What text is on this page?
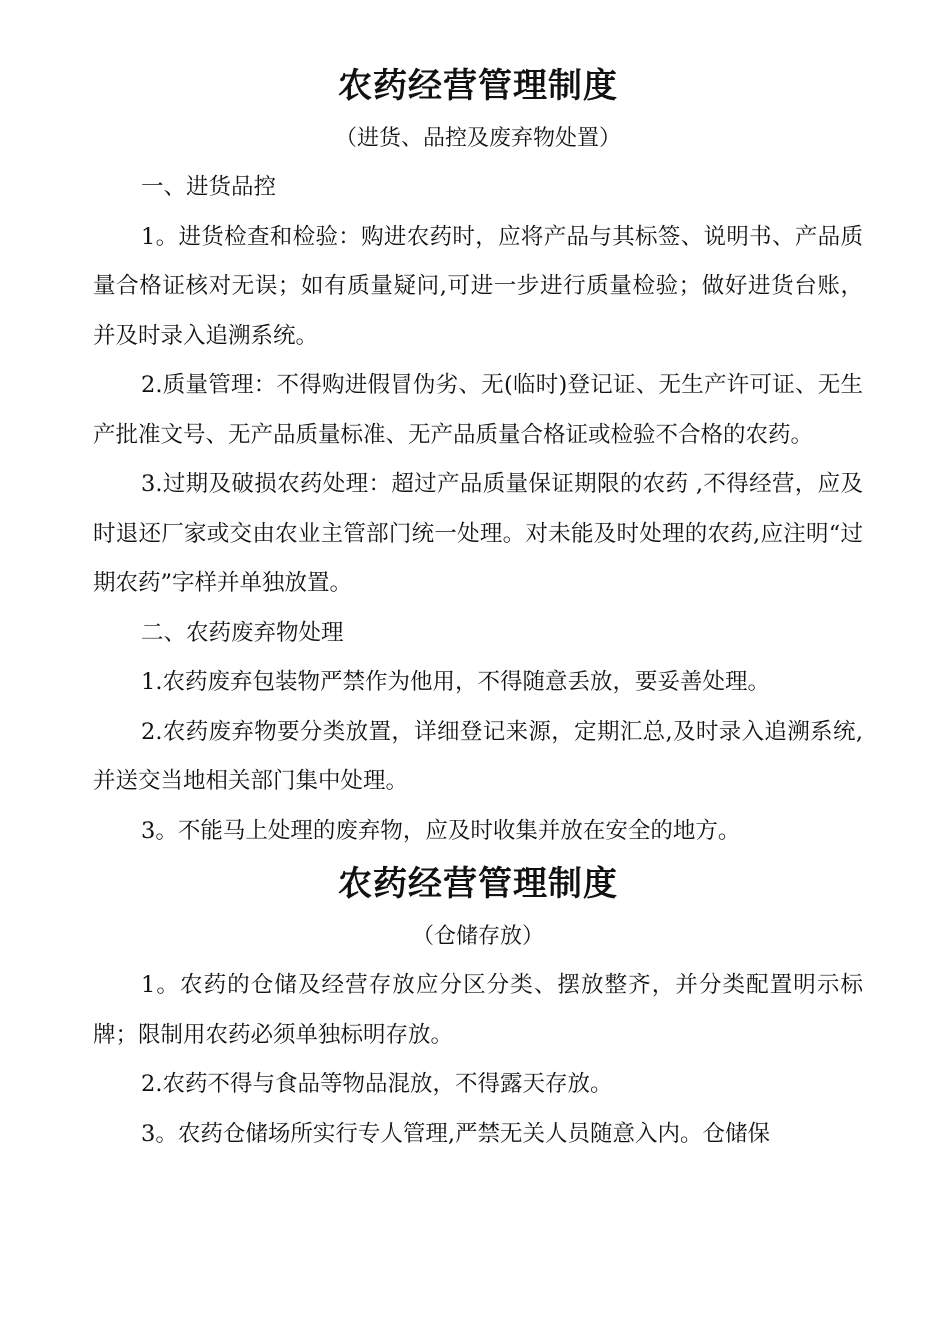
农药经营管理制度

（进货、品控及废弃物处置）

一、进货品控

1。进货检查和检验：购进农药时，应将产品与其标签、说明书、产品质量合格证核对无误；如有质量疑问,可进一步进行质量检验；做好进货台账，并及时录入追溯系统。

2.质量管理：不得购进假冒伪劣、无(临时)登记证、无生产许可证、无生产批准文号、无产品质量标准、无产品质量合格证或检验不合格的农药。

3.过期及破损农药处理：超过产品质量保证期限的农药 ,不得经营，应及时退还厂家或交由农业主管部门统一处理。对未能及时处理的农药,应注明“过期农药”字样并单独放置。

二、农药废弃物处理

1.农药废弃包装物严禁作为他用，不得随意丢放，要妥善处理。

2.农药废弃物要分类放置，详细登记来源，定期汇总,及时录入追溯系统,并送交当地相关部门集中处理。

3。不能马上处理的废弃物，应及时收集并放在安全的地方。

农药经营管理制度

（仓储存放）

1。农药的仓储及经营存放应分区分类、摆放整齐，并分类配置明示标牌；限制用农药必须单独标明存放。

2.农药不得与食品等物品混放，不得露天存放。

3。农药仓储场所实行专人管理,严禁无关人员随意入内。仓储保
